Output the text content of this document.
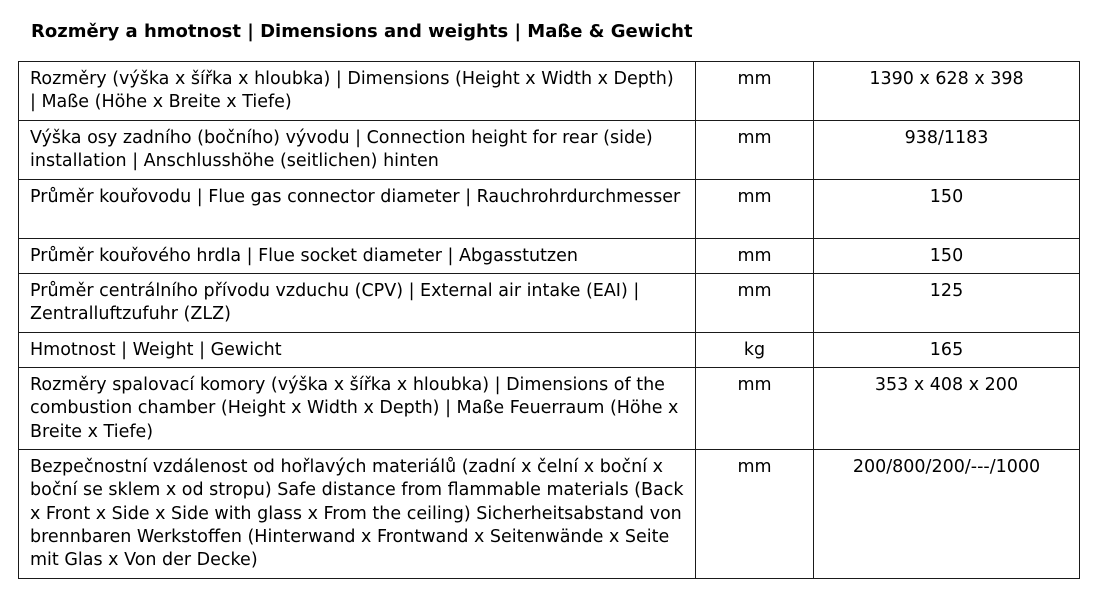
Rozměry a hmotnost | Dimensions and weights | Maße & Gewicht
Rozměry (výška x šířka x hloubka) | Dimensions (Height x Width x Depth) | Maße (Höhe x Breite x Tiefe)	mm	1390 x 628 x 398
Výška osy zadního (bočního) vývodu | Connection height for rear (side) installation | Anschlusshöhe (seitlichen) hinten	mm	938/1183
Průměr kouřovodu | Flue gas connector diameter | Rauchrohrdurchmesser	mm	150
Průměr kouřového hrdla | Flue socket diameter | Abgasstutzen	mm	150
Průměr centrálního přívodu vzduchu (CPV) | External air intake (EAI) | Zentralluftzufuhr (ZLZ)	mm	125
Hmotnost | Weight | Gewicht	kg	165
Rozměry spalovací komory (výška x šířka x hloubka) | Dimensions of the combustion chamber (Height x Width x Depth) | Maße Feuerraum (Höhe x Breite x Tiefe)	mm	353 x 408 x 200
Bezpečnostní vzdálenost od hořlavých materiálů (zadní x čelní x boční x boční se sklem x od stropu) Safe distance from flammable materials (Back x Front x Side x Side with glass x From the ceiling) Sicherheitsabstand von brennbaren Werkstoffen (Hinterwand x Frontwand x Seitenwände x Seite mit Glas x Von der Decke)	mm	200/800/200/---/1000
